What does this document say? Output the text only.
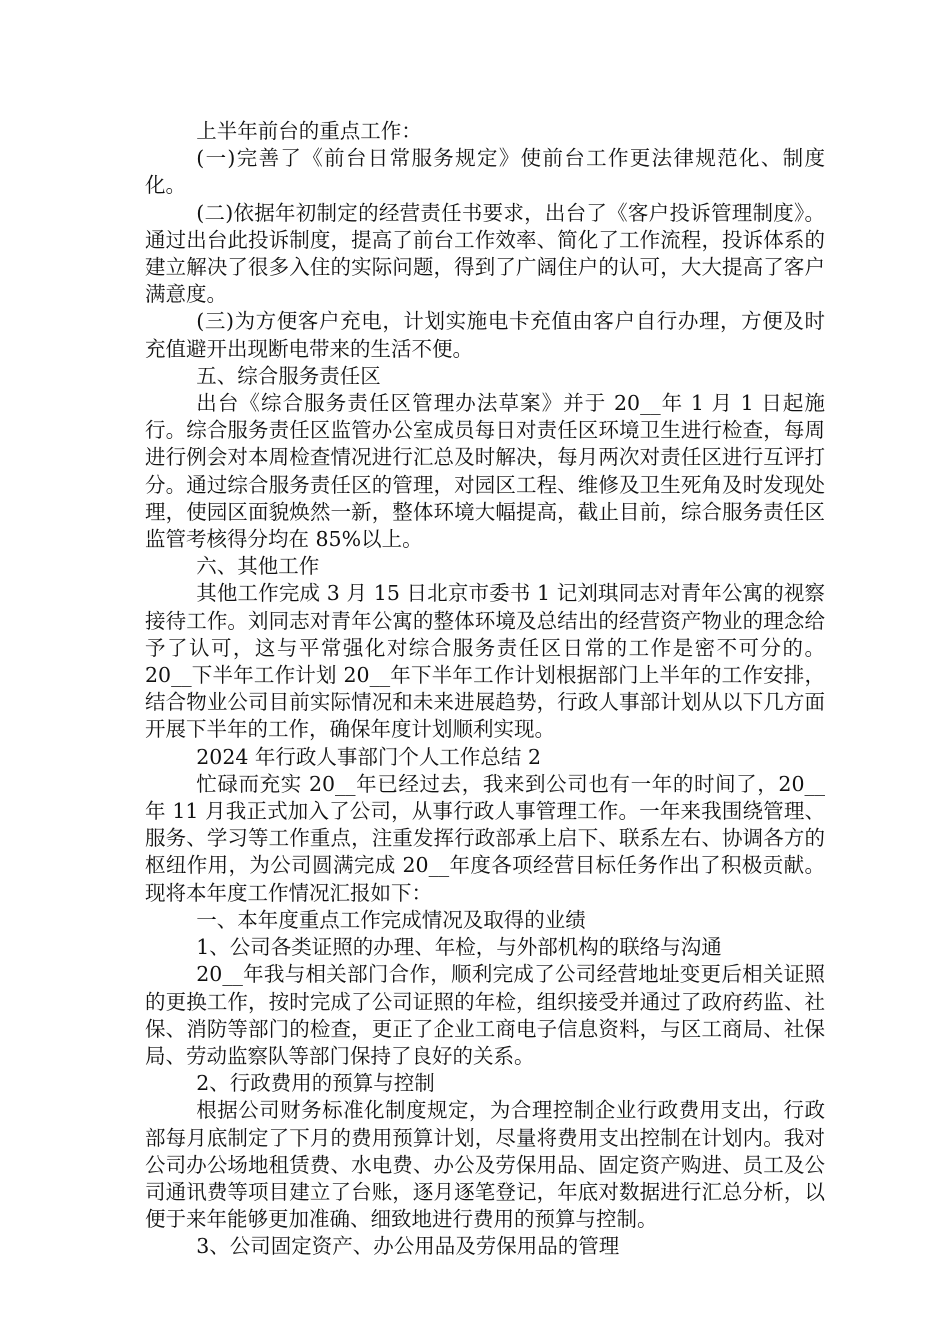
上半年前台的重点工作：

(一)完善了《前台日常服务规定》使前台工作更法律规范化、制度化。

(二)依据年初制定的经营责任书要求，出台了《客户投诉管理制度》。通过出台此投诉制度，提高了前台工作效率、简化了工作流程，投诉体系的建立解决了很多入住的实际问题，得到了广阔住户的认可，大大提高了客户满意度。

(三)为方便客户充电，计划实施电卡充值由客户自行办理，方便及时充值避开出现断电带来的生活不便。

五、综合服务责任区

出台《综合服务责任区管理办法草案》并于 20__年 1 月 1 日起施行。综合服务责任区监管办公室成员每日对责任区环境卫生进行检查，每周进行例会对本周检查情况进行汇总及时解决，每月两次对责任区进行互评打分。通过综合服务责任区的管理，对园区工程、维修及卫生死角及时发现处理，使园区面貌焕然一新，整体环境大幅提高，截止目前，综合服务责任区监管考核得分均在 85%以上。

六、其他工作

其他工作完成 3 月 15 日北京市委书 1 记刘琪同志对青年公寓的视察接待工作。刘同志对青年公寓的整体环境及总结出的经营资产物业的理念给予了认可，这与平常强化对综合服务责任区日常的工作是密不可分的。20__下半年工作计划 20__年下半年工作计划根据部门上半年的工作安排，结合物业公司目前实际情况和未来进展趋势，行政人事部计划从以下几方面开展下半年的工作，确保年度计划顺利实现。

2024 年行政人事部门个人工作总结 2

忙碌而充实 20__年已经过去，我来到公司也有一年的时间了，20__年 11 月我正式加入了公司，从事行政人事管理工作。一年来我围绕管理、服务、学习等工作重点，注重发挥行政部承上启下、联系左右、协调各方的枢纽作用，为公司圆满完成 20__年度各项经营目标任务作出了积极贡献。现将本年度工作情况汇报如下：

一、本年度重点工作完成情况及取得的业绩

1、公司各类证照的办理、年检，与外部机构的联络与沟通

20__年我与相关部门合作，顺利完成了公司经营地址变更后相关证照的更换工作，按时完成了公司证照的年检，组织接受并通过了政府药监、社保、消防等部门的检查，更正了企业工商电子信息资料，与区工商局、社保局、劳动监察队等部门保持了良好的关系。

2、行政费用的预算与控制

根据公司财务标准化制度规定，为合理控制企业行政费用支出，行政部每月底制定了下月的费用预算计划，尽量将费用支出控制在计划内。我对公司办公场地租赁费、水电费、办公及劳保用品、固定资产购进、员工及公司通讯费等项目建立了台账，逐月逐笔登记，年底对数据进行汇总分析，以便于来年能够更加准确、细致地进行费用的预算与控制。

3、公司固定资产、办公用品及劳保用品的管理
